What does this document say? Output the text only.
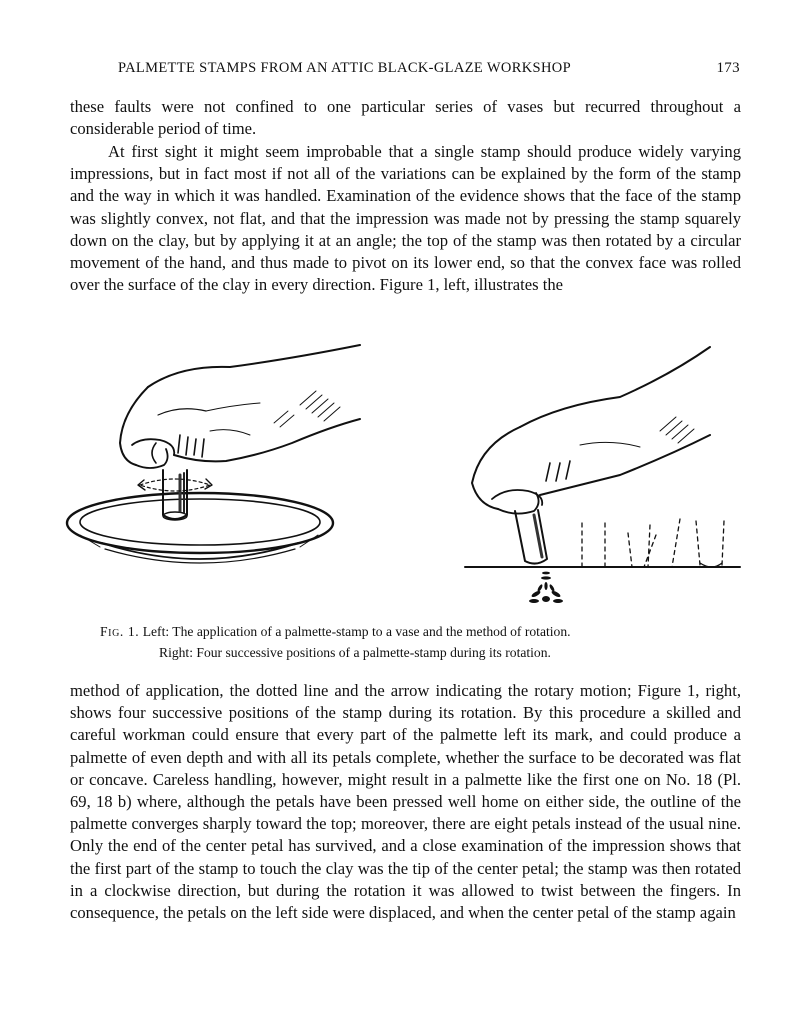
PALMETTE STAMPS FROM AN ATTIC BLACK-GLAZE WORKSHOP	173

these faults were not confined to one particular series of vases but recurred throughout a considerable period of time.

At first sight it might seem improbable that a single stamp should produce widely varying impressions, but in fact most if not all of the variations can be explained by the form of the stamp and the way in which it was handled. Examination of the evidence shows that the face of the stamp was slightly convex, not flat, and that the impression was made not by pressing the stamp squarely down on the clay, but by applying it at an angle; the top of the stamp was then rotated by a circular movement of the hand, and thus made to pivot on its lower end, so that the convex face was rolled over the surface of the clay in every direction. Figure 1, left, illustrates the

Fig. 1. Left: The application of a palmette-stamp to a vase and the method of rotation.
Right: Four successive positions of a palmette-stamp during its rotation.

method of application, the dotted line and the arrow indicating the rotary motion; Figure 1, right, shows four successive positions of the stamp during its rotation. By this procedure a skilled and careful workman could ensure that every part of the palmette left its mark, and could produce a palmette of even depth and with all its petals complete, whether the surface to be decorated was flat or concave. Careless handling, however, might result in a palmette like the first one on No. 18 (Pl. 69, 18 b) where, although the petals have been pressed well home on either side, the outline of the palmette converges sharply toward the top; moreover, there are eight petals instead of the usual nine. Only the end of the center petal has survived, and a close examination of the impression shows that the first part of the stamp to touch the clay was the tip of the center petal; the stamp was then rotated in a clockwise direction, but during the rotation it was allowed to twist between the fingers. In consequence, the petals on the left side were displaced, and when the center petal of the stamp again
